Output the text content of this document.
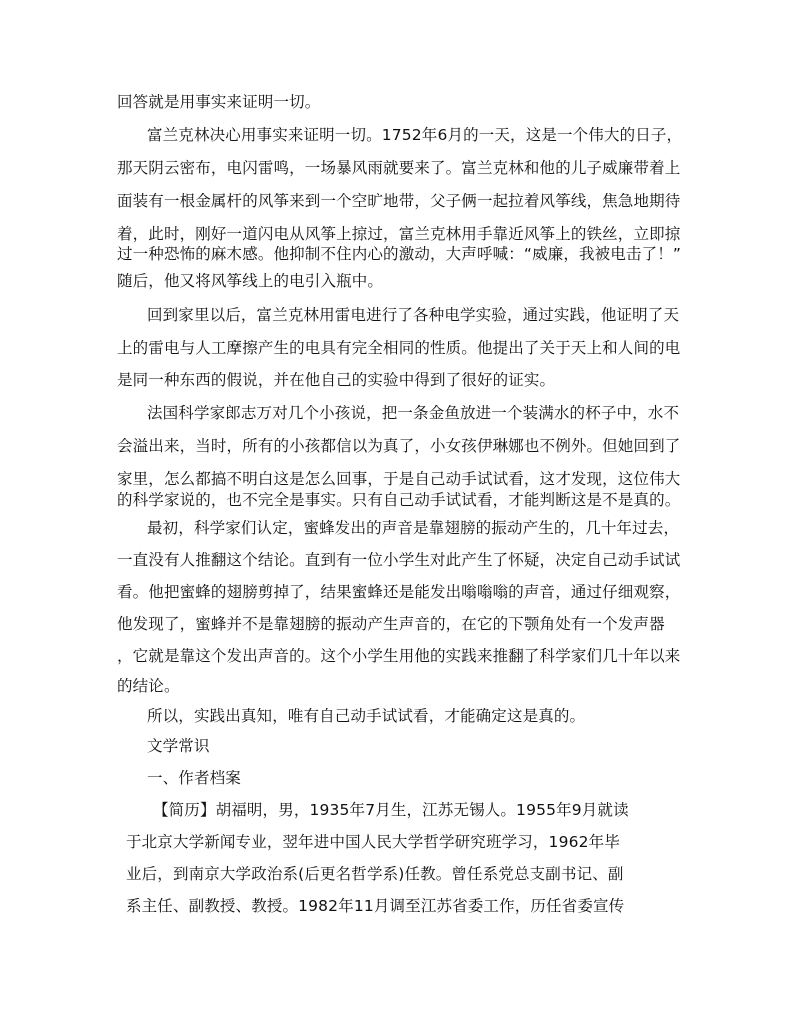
回答就是用事实来证明一切。
富兰克林决心用事实来证明一切。1752年6月的一天，这是一个伟大的日子，
那天阴云密布，电闪雷鸣，一场暴风雨就要来了。富兰克林和他的儿子威廉带着上
面装有一根金属杆的风筝来到一个空旷地带，父子俩一起拉着风筝线，焦急地期待
着，此时，刚好一道闪电从风筝上掠过，富兰克林用手靠近风筝上的铁丝，立即掠
过一种恐怖的麻木感。他抑制不住内心的激动，大声呼喊：“威廉，我被电击了！”
随后，他又将风筝线上的电引入瓶中。
回到家里以后，富兰克林用雷电进行了各种电学实验，通过实践，他证明了天
上的雷电与人工摩擦产生的电具有完全相同的性质。他提出了关于天上和人间的电
是同一种东西的假说，并在他自己的实验中得到了很好的证实。
法国科学家郎志万对几个小孩说，把一条金鱼放进一个装满水的杯子中，水不
会溢出来，当时，所有的小孩都信以为真了，小女孩伊琳娜也不例外。但她回到了
家里，怎么都搞不明白这是怎么回事，于是自己动手试试看，这才发现，这位伟大
的科学家说的，也不完全是事实。只有自己动手试试看，才能判断这是不是真的。
最初，科学家们认定，蜜蜂发出的声音是靠翅膀的振动产生的，几十年过去，
一直没有人推翻这个结论。直到有一位小学生对此产生了怀疑，决定自己动手试试
看。他把蜜蜂的翅膀剪掉了，结果蜜蜂还是能发出嗡嗡嗡的声音，通过仔细观察，
他发现了，蜜蜂并不是靠翅膀的振动产生声音的，在它的下颚角处有一个发声器
，它就是靠这个发出声音的。这个小学生用他的实践来推翻了科学家们几十年以来
的结论。
所以，实践出真知，唯有自己动手试试看，才能确定这是真的。
文学常识
一、作者档案
【简历】胡福明，男，1935年7月生，江苏无锡人。1955年9月就读
于北京大学新闻专业，翌年进中国人民大学哲学研究班学习，1962年毕
业后，到南京大学政治系(后更名哲学系)任教。曾任系党总支副书记、副
系主任、副教授、教授。1982年11月调至江苏省委工作，历任省委宣传
